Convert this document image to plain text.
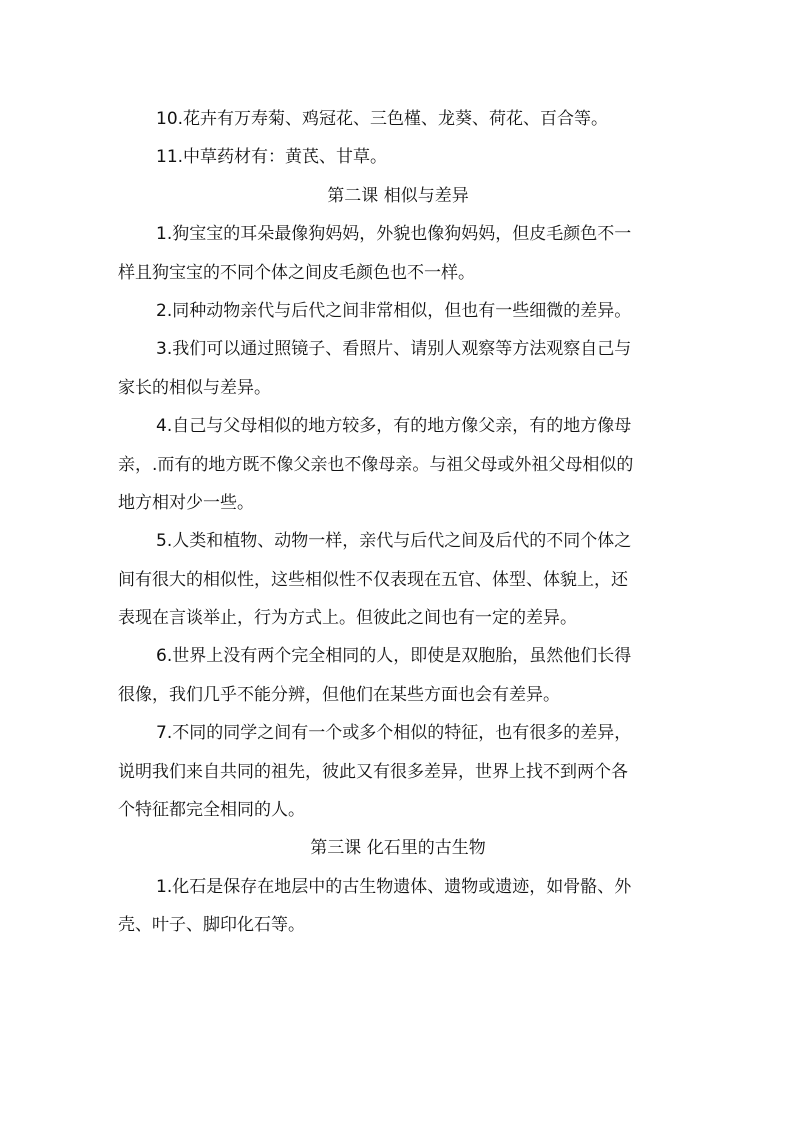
10.花卉有万寿菊、鸡冠花、三色槿、龙葵、荷花、百合等。
11.中草药材有：黄芪、甘草。
第二课 相似与差异
1.狗宝宝的耳朵最像狗妈妈，外貌也像狗妈妈，但皮毛颜色不一
样且狗宝宝的不同个体之间皮毛颜色也不一样。
2.同种动物亲代与后代之间非常相似，但也有一些细微的差异。
3.我们可以通过照镜子、看照片、请别人观察等方法观察自己与
家长的相似与差异。
4.自己与父母相似的地方较多，有的地方像父亲，有的地方像母
亲，.而有的地方既不像父亲也不像母亲。与祖父母或外祖父母相似的
地方相对少一些。
5.人类和植物、动物一样，亲代与后代之间及后代的不同个体之
间有很大的相似性，这些相似性不仅表现在五官、体型、体貌上，还
表现在言谈举止，行为方式上。但彼此之间也有一定的差异。
6.世界上没有两个完全相同的人，即使是双胞胎，虽然他们长得
很像，我们几乎不能分辨，但他们在某些方面也会有差异。
7.不同的同学之间有一个或多个相似的特征，也有很多的差异，
说明我们来自共同的祖先，彼此又有很多差异，世界上找不到两个各
个特征都完全相同的人。
第三课 化石里的古生物
1.化石是保存在地层中的古生物遗体、遗物或遗迹，如骨骼、外
壳、叶子、脚印化石等。
